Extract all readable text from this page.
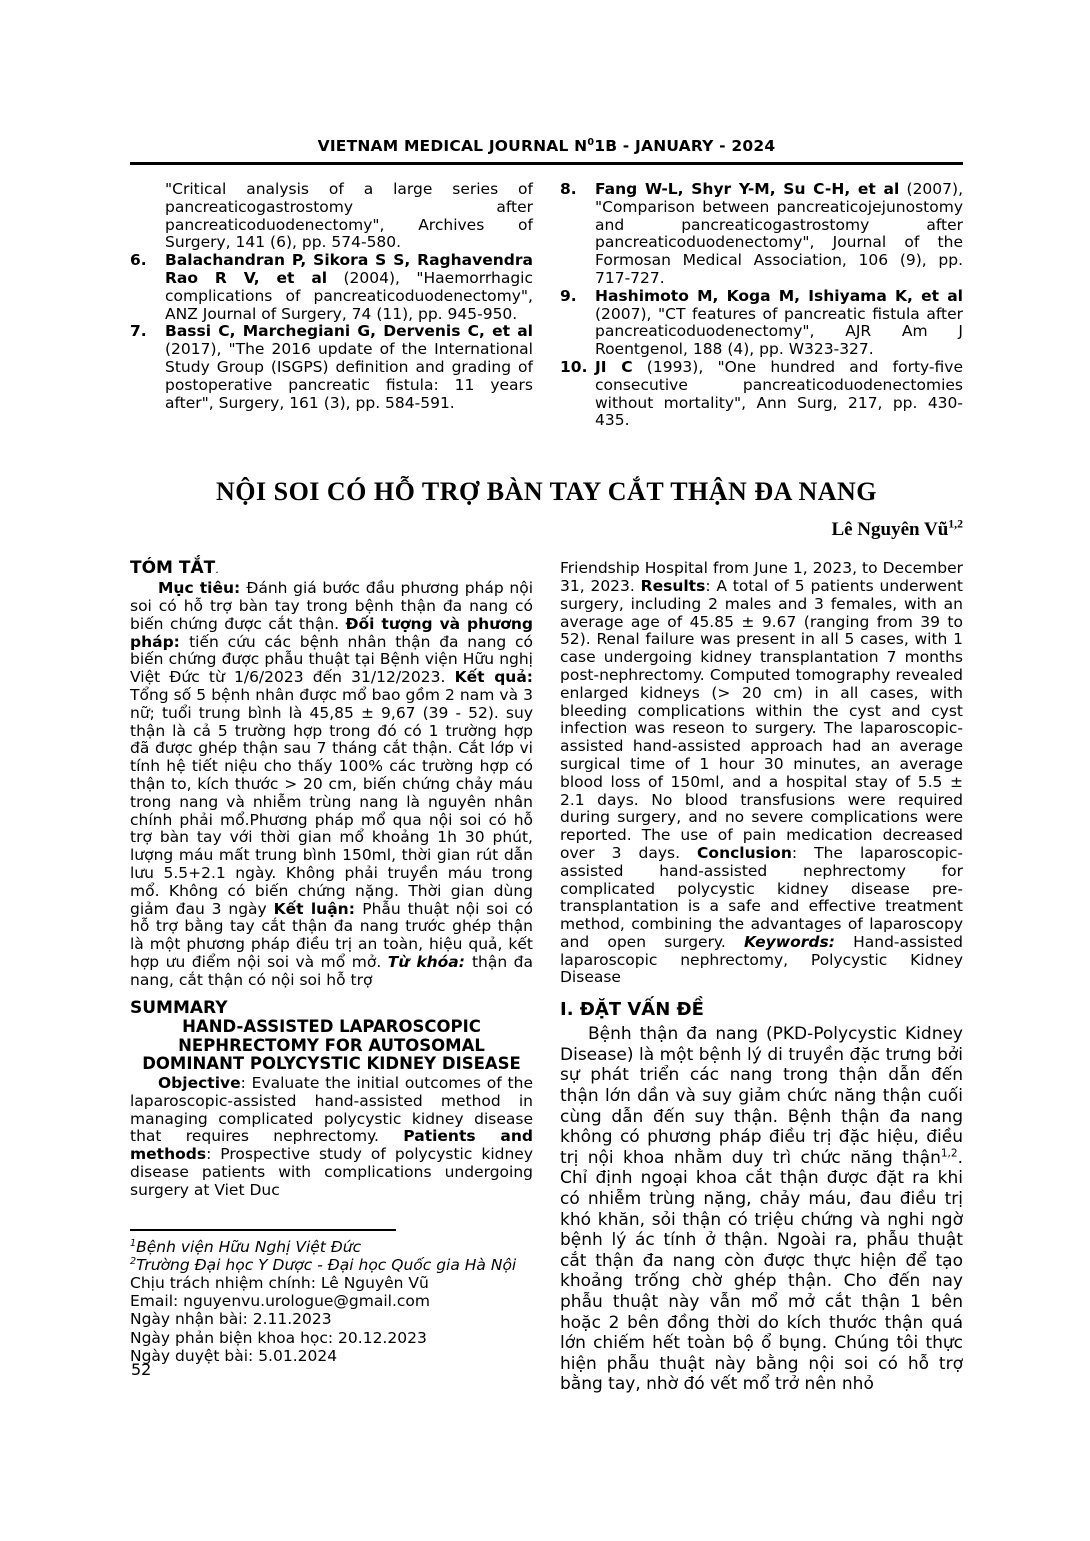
VIETNAM MEDICAL JOURNAL $N^01B$ - JANUARY - 2024
"Critical analysis of a large series of pancreaticogastrostomy after pancreaticoduodenectomy", Archives of Surgery, 141 (6), pp. 574-580.
6. Balachandran P, Sikora S S, Raghavendra Rao R V, et al (2004), "Haemorrhagic complications of pancreaticoduodenectomy", ANZ Journal of Surgery, 74 (11), pp. 945-950.
7. Bassi C, Marchegiani G, Dervenis C, et al (2017), "The 2016 update of the International Study Group (ISGPS) definition and grading of postoperative pancreatic fistula: 11 years after", Surgery, 161 (3), pp. 584-591.
8. Fang W-L, Shyr Y-M, Su C-H, et al (2007), "Comparison between pancreaticojejunostomy and pancreaticogastrostomy after pancreaticoduodenectomy", Journal of the Formosan Medical Association, 106 (9), pp. 717-727.
9. Hashimoto M, Koga M, Ishiyama K, et al (2007), "CT features of pancreatic fistula after pancreaticoduodenectomy", AJR Am J Roentgenol, 188 (4), pp. W323-327.
10. JI C (1993), "One hundred and forty-five consecutive pancreaticoduodenectomies without mortality", Ann Surg, 217, pp. 430-435.
NỘI SOI CÓ HỖ TRỢ BÀN TAY CẮT THẬN ĐA NANG
Lê Nguyên Vũ$^{1,2}$
TÓM TẮT.

Mục tiêu: Đánh giá bước đầu phương pháp nội soi có hỗ trợ bàn tay trong bệnh thận đa nang có biến chứng được cắt thận. Đối tượng và phương pháp: tiến cứu các bệnh nhân thận đa nang có biến chứng được phẫu thuật tại Bệnh viện Hữu nghị Việt Đức từ 1/6/2023 đến 31/12/2023. Kết quả: Tổng số 5 bệnh nhân được mổ bao gồm 2 nam và 3 nữ; tuổi trung bình là 45,85 ± 9,67 (39 - 52). suy thận là cả 5 trường hợp trong đó có 1 trường hợp đã được ghép thận sau 7 tháng cắt thận. Cắt lớp vi tính hệ tiết niệu cho thấy 100% các trường hợp có thận to, kích thước > 20 cm, biến chứng chảy máu trong nang và nhiễm trùng nang là nguyên nhân chính phải mổ.Phương pháp mổ qua nội soi có hỗ trợ bàn tay với thời gian mổ khoảng 1h 30 phút, lượng máu mất trung bình 150ml, thời gian rút dẫn lưu 5.5+2.1 ngày. Không phải truyền máu trong mổ. Không có biến chứng nặng. Thời gian dùng giảm đau 3 ngày Kết luận: Phẫu thuật nội soi có hỗ trợ bằng tay cắt thận đa nang trước ghép thận là một phương pháp điều trị an toàn, hiệu quả, kết hợp ưu điểm nội soi và mổ mở. Từ khóa: thận đa nang, cắt thận có nội soi hỗ trợ

SUMMARY
HAND-ASSISTED LAPAROSCOPIC
NEPHRECTOMY FOR AUTOSOMAL
DOMINANT POLYCYSTIC KIDNEY DISEASE

Objective: Evaluate the initial outcomes of the laparoscopic-assisted hand-assisted method in managing complicated polycystic kidney disease that requires nephrectomy. Patients and methods: Prospective study of polycystic kidney disease patients with complications undergoing surgery at Viet Duc

$^1$Bệnh viện Hữu Nghị Việt Đức
$^2$Trường Đại học Y Dược - Đại học Quốc gia Hà Nội
Chịu trách nhiệm chính: Lê Nguyên Vũ
Email: nguyenvu.urologue@gmail.com
Ngày nhận bài: 2.11.2023
Ngày phản biện khoa học: 20.12.2023
Ngày duyệt bài: 5.01.2024

Friendship Hospital from June 1, 2023, to December 31, 2023. Results: A total of 5 patients underwent surgery, including 2 males and 3 females, with an average age of 45.85 ± 9.67 (ranging from 39 to 52). Renal failure was present in all 5 cases, with 1 case undergoing kidney transplantation 7 months post-nephrectomy. Computed tomography revealed enlarged kidneys (> 20 cm) in all cases, with bleeding complications within the cyst and cyst infection was reseon to surgery. The laparoscopic-assisted hand-assisted approach had an average surgical time of 1 hour 30 minutes, an average blood loss of 150ml, and a hospital stay of 5.5 ± 2.1 days. No blood transfusions were required during surgery, and no severe complications were reported. The use of pain medication decreased over 3 days. Conclusion: The laparoscopic-assisted hand-assisted nephrectomy for complicated polycystic kidney disease pre-transplantation is a safe and effective treatment method, combining the advantages of laparoscopy and open surgery. Keywords: Hand-assisted laparoscopic nephrectomy, Polycystic Kidney Disease

I. ĐẶT VẤN ĐỀ

Bệnh thận đa nang (PKD-Polycystic Kidney Disease) là một bệnh lý di truyền đặc trưng bởi sự phát triển các nang trong thận dẫn đến thận lớn dần và suy giảm chức năng thận cuối cùng dẫn đến suy thận. Bệnh thận đa nang không có phương pháp điều trị đặc hiệu, điều trị nội khoa nhằm duy trì chức năng thận$^{1,2}$. Chỉ định ngoại khoa cắt thận được đặt ra khi có nhiễm trùng nặng, chảy máu, đau điều trị khó khăn, sỏi thận có triệu chứng và nghi ngờ bệnh lý ác tính ở thận. Ngoài ra, phẫu thuật cắt thận đa nang còn được thực hiện để tạo khoảng trống chờ ghép thận. Cho đến nay phẫu thuật này vẫn mổ mở cắt thận 1 bên hoặc 2 bên đồng thời do kích thước thận quá lớn chiếm hết toàn bộ ổ bụng. Chúng tôi thực hiện phẫu thuật này bằng nội soi có hỗ trợ bằng tay, nhờ đó vết mổ trở nên nhỏ

52
